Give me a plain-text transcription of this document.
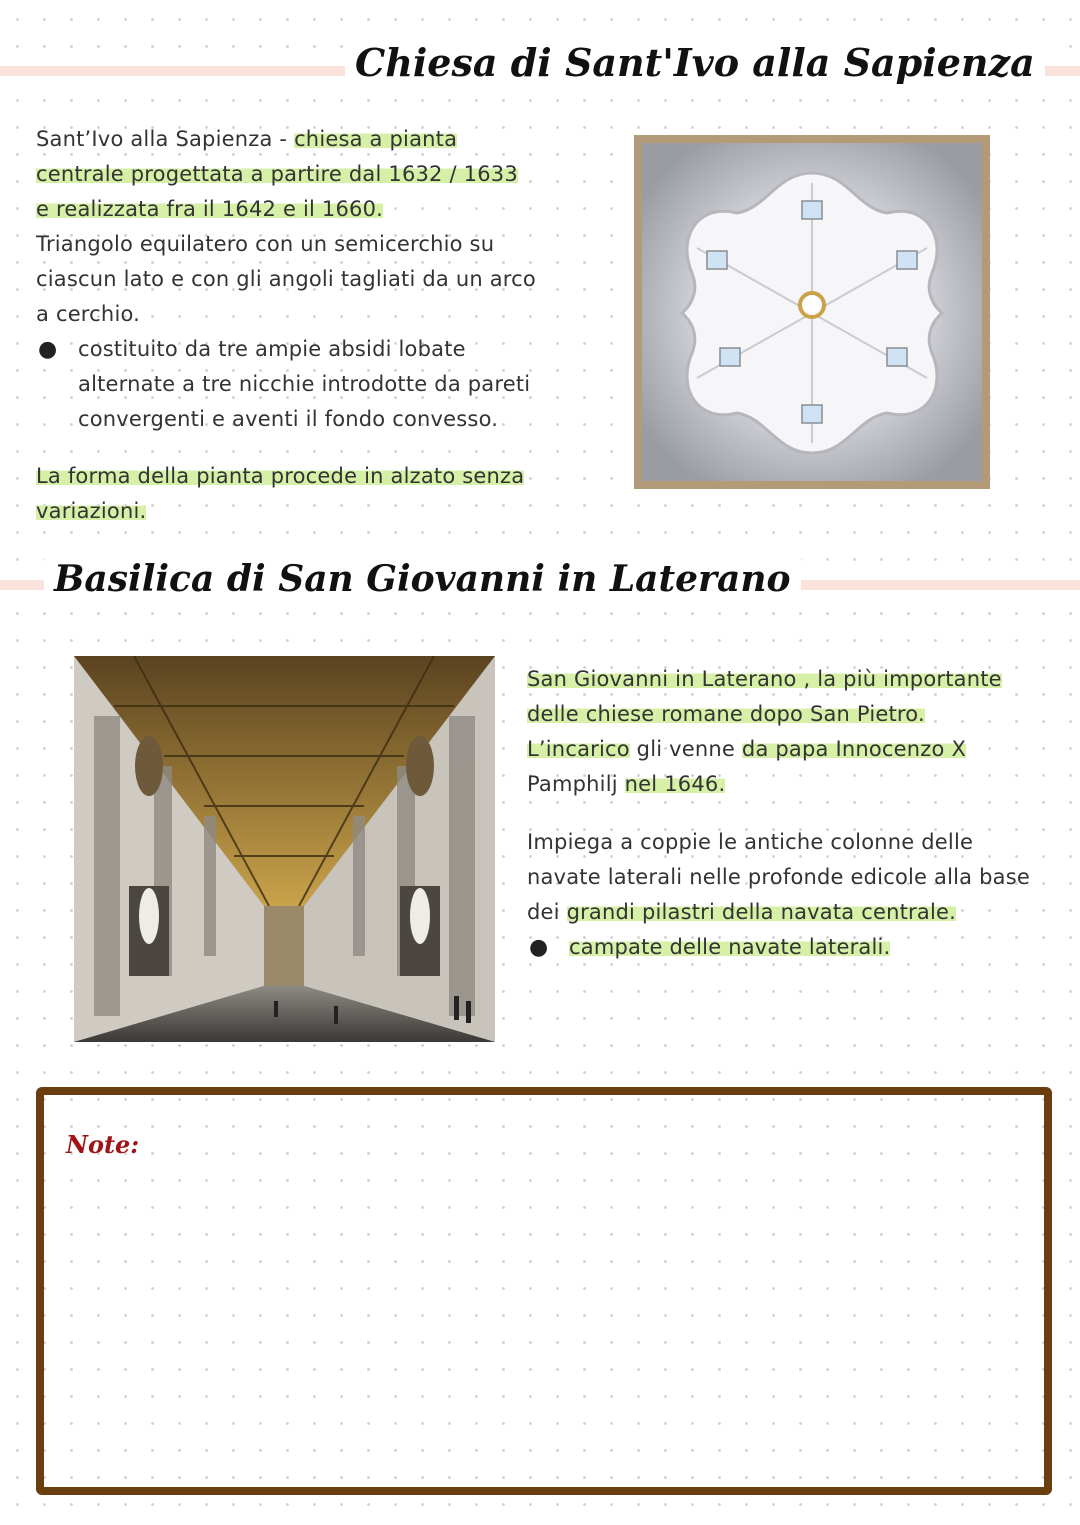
Chiesa di Sant'Ivo alla Sapienza
Sant’Ivo alla Sapienza - chiesa a pianta
centrale progettata a partire dal 1632 / 1633
e realizzata fra il 1642 e il 1660.
Triangolo equilatero con un semicerchio su
ciascun lato e con gli angoli tagliati da un arco
a cerchio.
● costituito da tre ampie absidi lobate
alternate a tre nicchie introdotte da pareti
convergenti e aventi il fondo convesso.
La forma della pianta procede in alzato senza
variazioni.
Basilica di San Giovanni in Laterano
San Giovanni in Laterano , la più importante
delle chiese romane dopo San Pietro.
L’incarico gli venne da papa Innocenzo X
Pamphilj nel 1646.
Impiega a coppie le antiche colonne delle
navate laterali nelle profonde edicole alla base
dei grandi pilastri della navata centrale.
● campate delle navate laterali.
Note:
